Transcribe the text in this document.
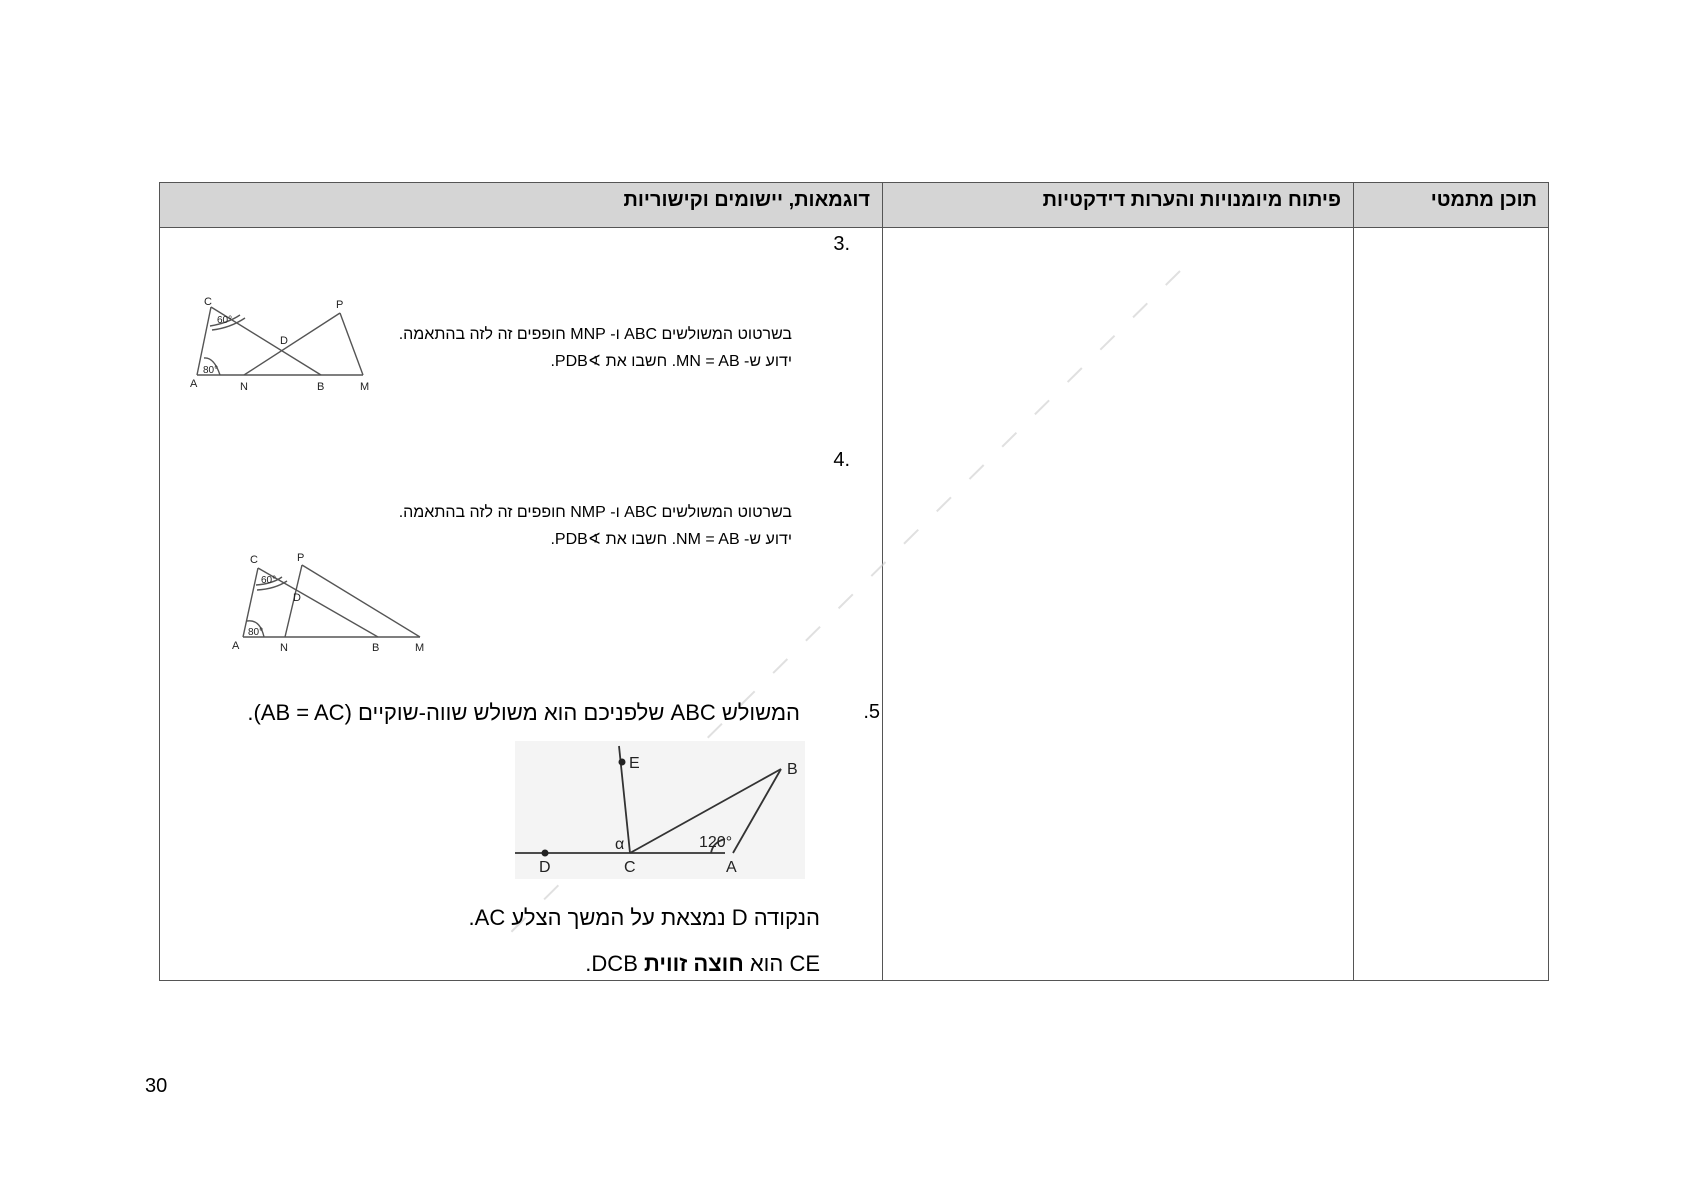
דוגמאות, יישומים וקישוריות	פיתוח מיומנויות והערות דידקטיות	תוכן מתמטי
.3
בשרטוט המשולשים ABC ו- MNP חופפים זה לזה בהתאמה.
ידוע ש- MN = AB. חשבו את ∢PDB.
C
60°
P
D
80°
A	N	B	M
.4
בשרטוט המשולשים ABC ו- NMP חופפים זה לזה בהתאמה.
ידוע ש- NM = AB. חשבו את ∢PDB.
C
60°
P
D
80°
A	N	B	M
5.
המשולש ABC שלפניכם הוא משולש שווה-שוקיים (AB = AC).
E	B
α	120°
D	C	A
הנקודה D נמצאת על המשך הצלע AC.
CE הוא חוצה זווית DCB.
30
